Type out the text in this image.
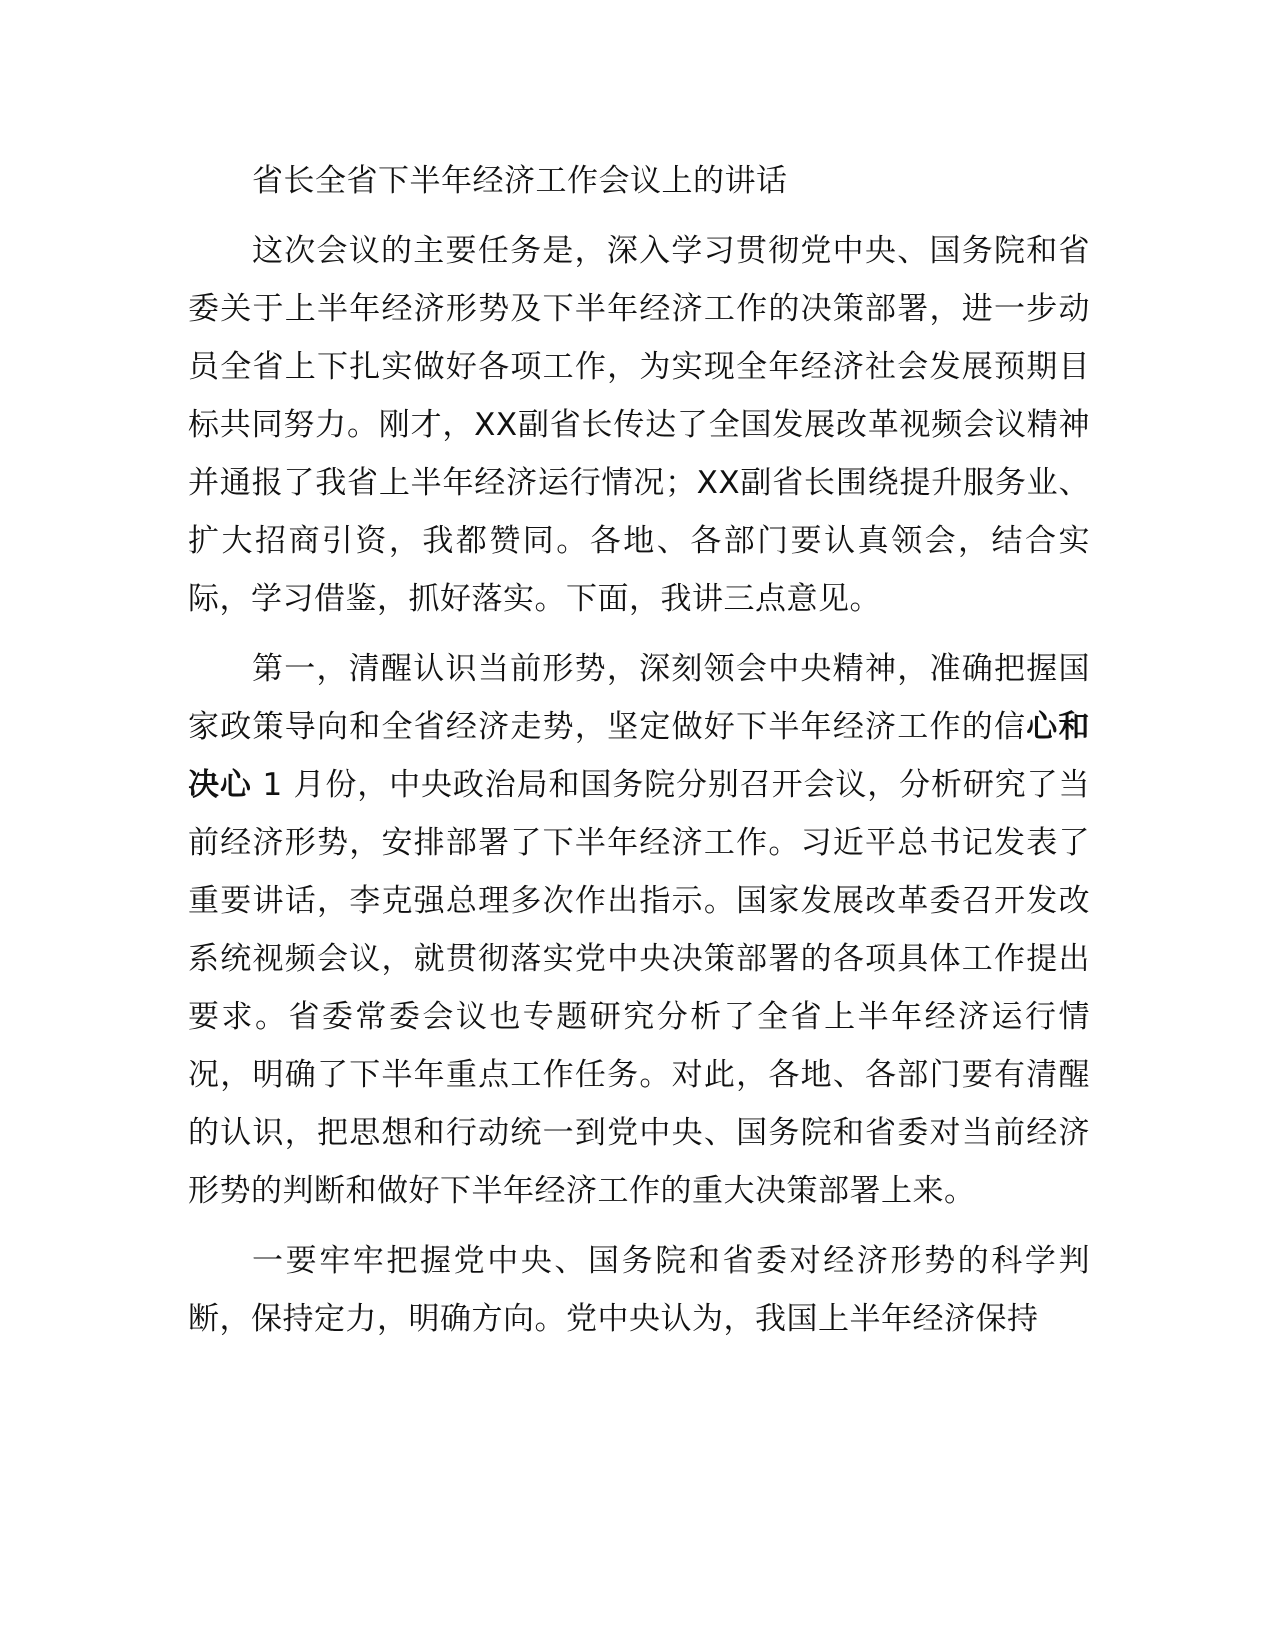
省长全省下半年经济工作会议上的讲话

这次会议的主要任务是，深入学习贯彻党中央、国务院和省委关于上半年经济形势及下半年经济工作的决策部署，进一步动员全省上下扎实做好各项工作，为实现全年经济社会发展预期目标共同努力。刚才，XX副省长传达了全国发展改革视频会议精神并通报了我省上半年经济运行情况；XX副省长围绕提升服务业、扩大招商引资，我都赞同。各地、各部门要认真领会，结合实际，学习借鉴，抓好落实。下面，我讲三点意见。

第一，清醒认识当前形势，深刻领会中央精神，准确把握国家政策导向和全省经济走势，坚定做好下半年经济工作的信心和决心 1 月份，中央政治局和国务院分别召开会议，分析研究了当前经济形势，安排部署了下半年经济工作。习近平总书记发表了重要讲话，李克强总理多次作出指示。国家发展改革委召开发改系统视频会议，就贯彻落实党中央决策部署的各项具体工作提出要求。省委常委会议也专题研究分析了全省上半年经济运行情况，明确了下半年重点工作任务。对此，各地、各部门要有清醒的认识，把思想和行动统一到党中央、国务院和省委对当前经济形势的判断和做好下半年经济工作的重大决策部署上来。

一要牢牢把握党中央、国务院和省委对经济形势的科学判断，保持定力，明确方向。党中央认为，我国上半年经济保持
